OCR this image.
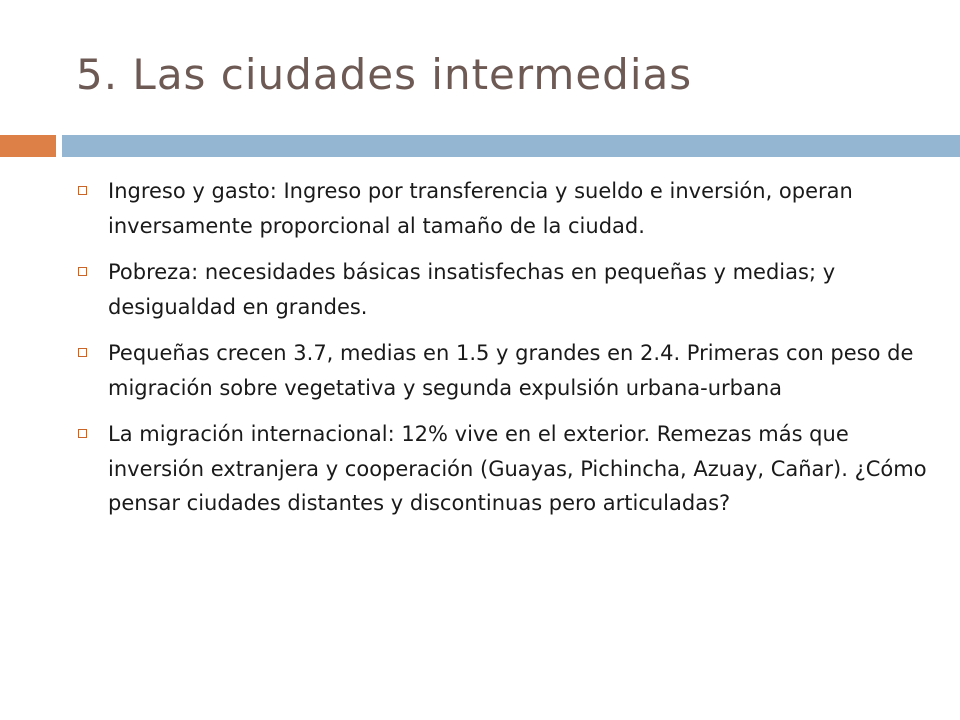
5. Las ciudades intermedias
Ingreso y gasto: Ingreso por transferencia y sueldo e inversión, operan inversamente proporcional al tamaño de la ciudad.
Pobreza: necesidades básicas insatisfechas en pequeñas y medias; y desigualdad en grandes.
Pequeñas crecen 3.7, medias en 1.5 y grandes en 2.4. Primeras con peso de migración sobre vegetativa y segunda expulsión urbana-urbana
La migración internacional: 12% vive en el exterior. Remezas más que inversión extranjera y cooperación (Guayas, Pichincha, Azuay, Cañar). ¿Cómo pensar ciudades distantes y discontinuas pero articuladas?
